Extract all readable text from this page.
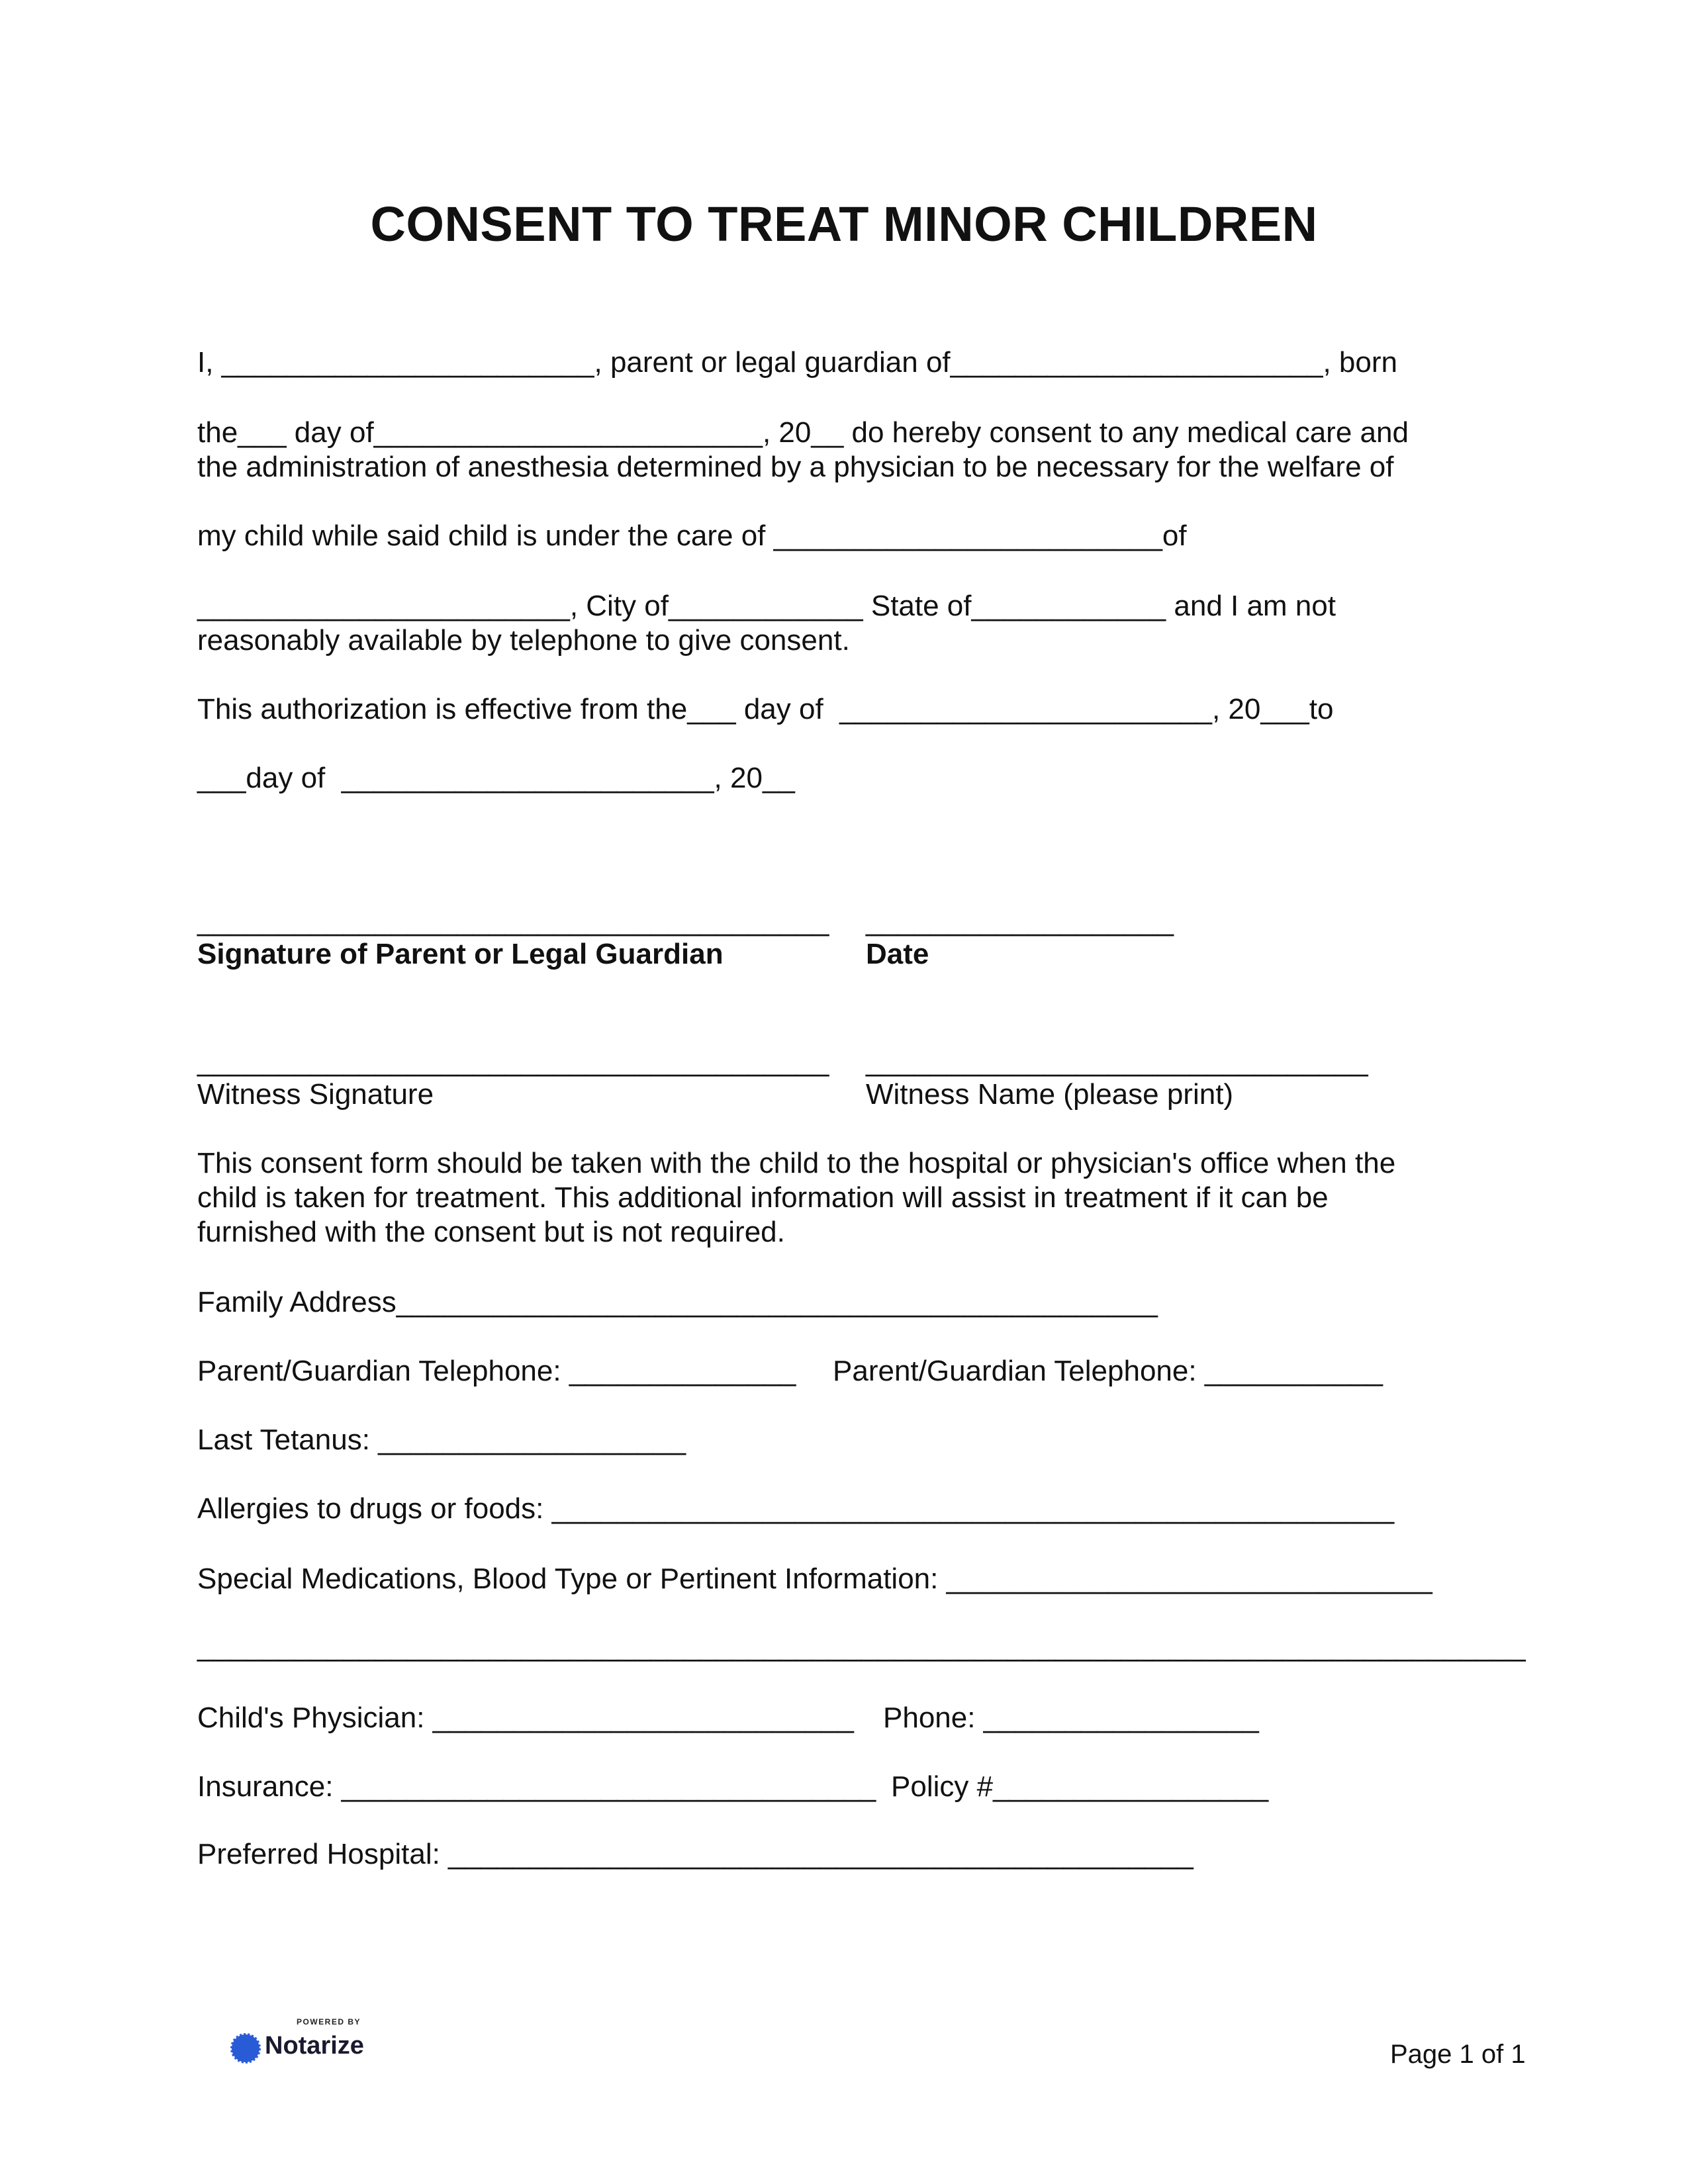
CONSENT TO TREAT MINOR CHILDREN

I, _______________________, parent or legal guardian of_______________________, born

the___ day of________________________, 20__ do hereby consent to any medical care and

the administration of anesthesia determined by a physician to be necessary for the welfare of

my child while said child is under the care of ________________________of

_______________________, City of____________ State of____________ and I am not

reasonably available by telephone to give consent.

This authorization is effective from the___ day of  _______________________, 20___to

___day of  _______________________, 20__

_______________________________________ ___________________
Signature of Parent or Legal Guardian	Date
_______________________________________ _______________________________
Witness Signature	Witness Name (please print)

This consent form should be taken with the child to the hospital or physician's office when the

child is taken for treatment. This additional information will assist in treatment if it can be

furnished with the consent but is not required.

Family Address_______________________________________________

Parent/Guardian Telephone: ______________ Parent/Guardian Telephone: ___________

Last Tetanus: ___________________

Allergies to drugs or foods: ____________________________________________________

Special Medications, Blood Type or Pertinent Information: ______________________________

__________________________________________________________________________________

Child's Physician: __________________________ Phone: _________________
Insurance: _________________________________ Policy #_________________

Preferred Hospital: ______________________________________________

POWERED BY
Notarize	Page 1 of 1
